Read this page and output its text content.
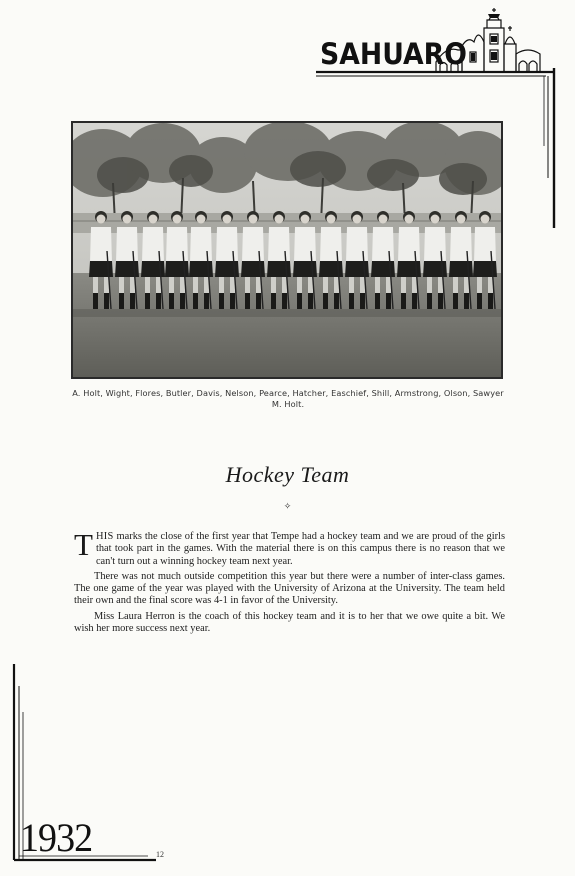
SAHUARO
A. Holt, Wight, Flores, Butler, Davis, Nelson, Pearce, Hatcher, Easchief, Shill, Armstrong, Olson, Sawyer M. Holt.
Hockey Team
✧

THIS marks the close of the first year that Tempe had a hockey team and we are proud of the girls that took part in the games. With the material there is on this campus there is no reason that we can't turn out a winning hockey team next year.

There was not much outside competition this year but there were a number of inter-class games. The one game of the year was played with the University of Arizona at the University. The team held their own and the final score was 4-1 in favor of the University.

Miss Laura Herron is the coach of this hockey team and it is to her that we owe quite a bit. We wish her more success next year.

1932	12
